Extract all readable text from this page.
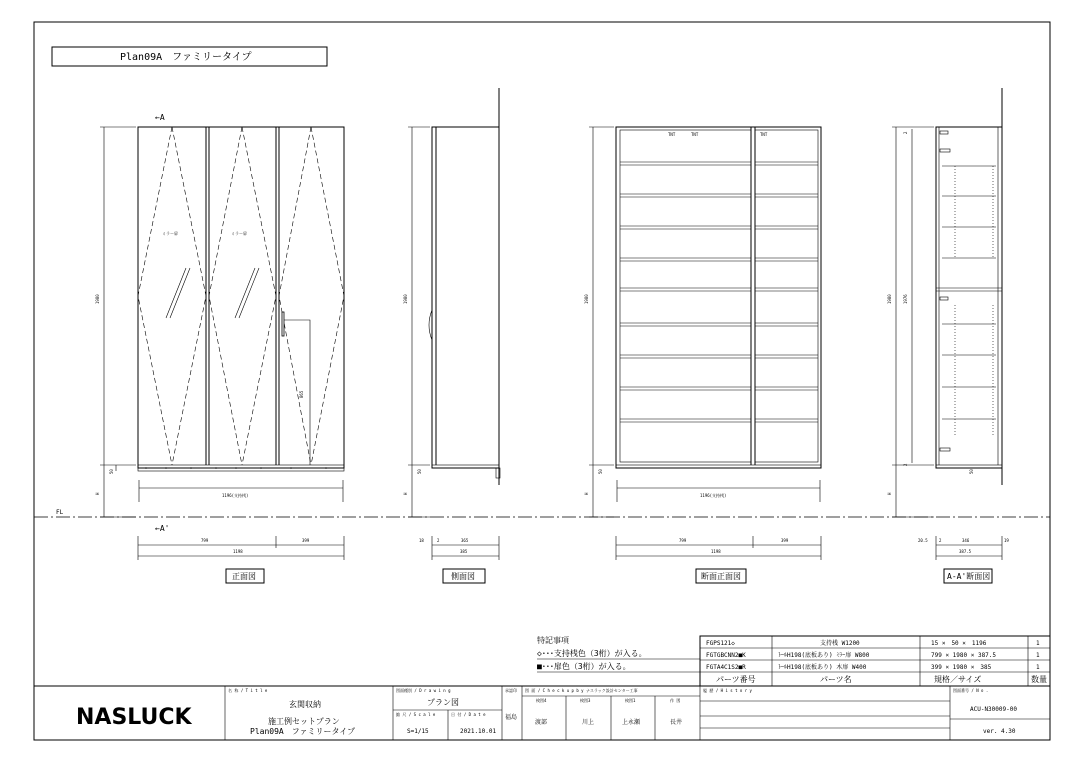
Plan09A　ファミリータイプ
FL
←A
←A'
ミラー扉	ミラー扉
865
1980
H
50
1196(支持桟)
799	399
1198
正面図
1980
H
50
18	2	365
385
側面図
TNT	TNT	TNT
1980
H
50
1196(支持桟)
799	399
1198
断面正面図
1980	1976
2
2
H
50
20.5	2	346	19
387.5
A-A'断面図
特記事項
◇･･･支持桟色（3桁）が入る。
■･･･扉色（3桁）が入る。
FGPS121◇	支持桟 W1200	15 ×　50 ×　1196	1
FGTGBCNN2■K	ﾄｰﾙH198(底板あり) ﾐﾗｰ扉 W800	799 × 1980 × 387.5	1
FGTA4C1S2■R	ﾄｰﾙH198(底板あり) 木扉 W400	399 × 1980 ×　385	1
パーツ番号	パーツ名	規格／サイズ	数量
NASLUCK
名 称 / T i t l e
玄関収納
施工例セットプラン
Plan09A　ファミリータイプ
図面種別 / D r a w i n g
プラン図
縮 尺 / S c a l e
S=1/15
日 付 / D a t e
2021.10.01
承認印
福島
図 面 / C h e c k u p b y ナスラック設計センター工事
検図4	検図3	検図1	作 図
渡部	川上	上永瀬	長井
履 歴 / H i s t o r y	図面番号 / N o .
ACU-N30009-00
ver. 4.30
